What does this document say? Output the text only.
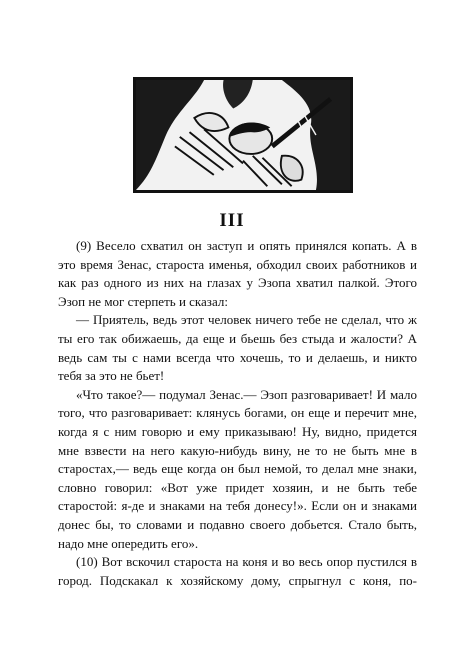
III

(9) Весело схватил он заступ и опять принялся копать. А в это время Зенас, староста именья, обходил своих работников и как раз одного из них на глазах у Эзопа хватил палкой. Этого Эзоп не мог стерпеть и сказал:

— Приятель, ведь этот человек ничего тебе не сделал, что ж ты его так обижаешь, да еще и бьешь без стыда и жалости? А ведь сам ты с нами всегда что хочешь, то и делаешь, и никто тебя за это не бьет!

«Что такое?— подумал Зенас.— Эзоп разговаривает! И мало того, что разговаривает: клянусь богами, он еще и перечит мне, когда я с ним говорю и ему приказываю! Ну, видно, придется мне взвести на него какую-нибудь вину, не то не быть мне в старостах,— ведь еще когда он был немой, то делал мне знаки, словно говорил: «Вот уже придет хозяин, и не быть тебе старостой: я-де и знаками на тебя донесу!». Если он и знаками донес бы, то словами и подавно своего добьется. Стало быть, надо мне опередить его».

(10) Вот вскочил староста на коня и во весь опор пустился в город. Подскакал к хозяйскому дому, спрыгнул с коня, по-
